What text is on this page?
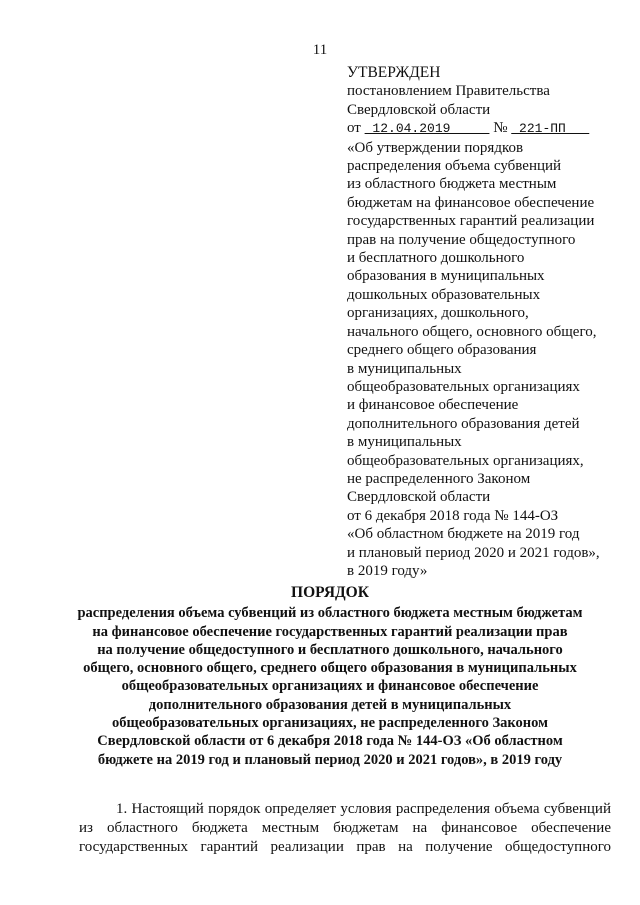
11
УТВЕРЖДЕН
постановлением Правительства
Свердловской области
от  12.04.2019      №  221-ПП
«Об утверждении порядков
распределения объема субвенций
из областного бюджета местным
бюджетам на финансовое обеспечение
государственных гарантий реализации
прав на получение общедоступного
и бесплатного дошкольного
образования в муниципальных
дошкольных образовательных
организациях, дошкольного,
начального общего, основного общего,
среднего общего образования
в муниципальных
общеобразовательных организациях
и финансовое обеспечение
дополнительного образования детей
в муниципальных
общеобразовательных организациях,
не распределенного Законом
Свердловской области
от 6 декабря 2018 года № 144-ОЗ
«Об областном бюджете на 2019 год
и плановый период 2020 и 2021 годов»,
в 2019 году»
ПОРЯДОК
распределения объема субвенций из областного бюджета местным бюджетам
на финансовое обеспечение государственных гарантий реализации прав
на получение общедоступного и бесплатного дошкольного, начального
общего, основного общего, среднего общего образования в муниципальных
общеобразовательных организациях и финансовое обеспечение
дополнительного образования детей в муниципальных
общеобразовательных организациях, не распределенного Законом
Свердловской области от 6 декабря 2018 года № 144-ОЗ «Об областном
бюджете на 2019 год и плановый период 2020 и 2021 годов», в 2019 году
1. Настоящий порядок определяет условия распределения объема субвенций
из областного бюджета местным бюджетам на финансовое обеспечение
государственных гарантий реализации прав на получение общедоступного
